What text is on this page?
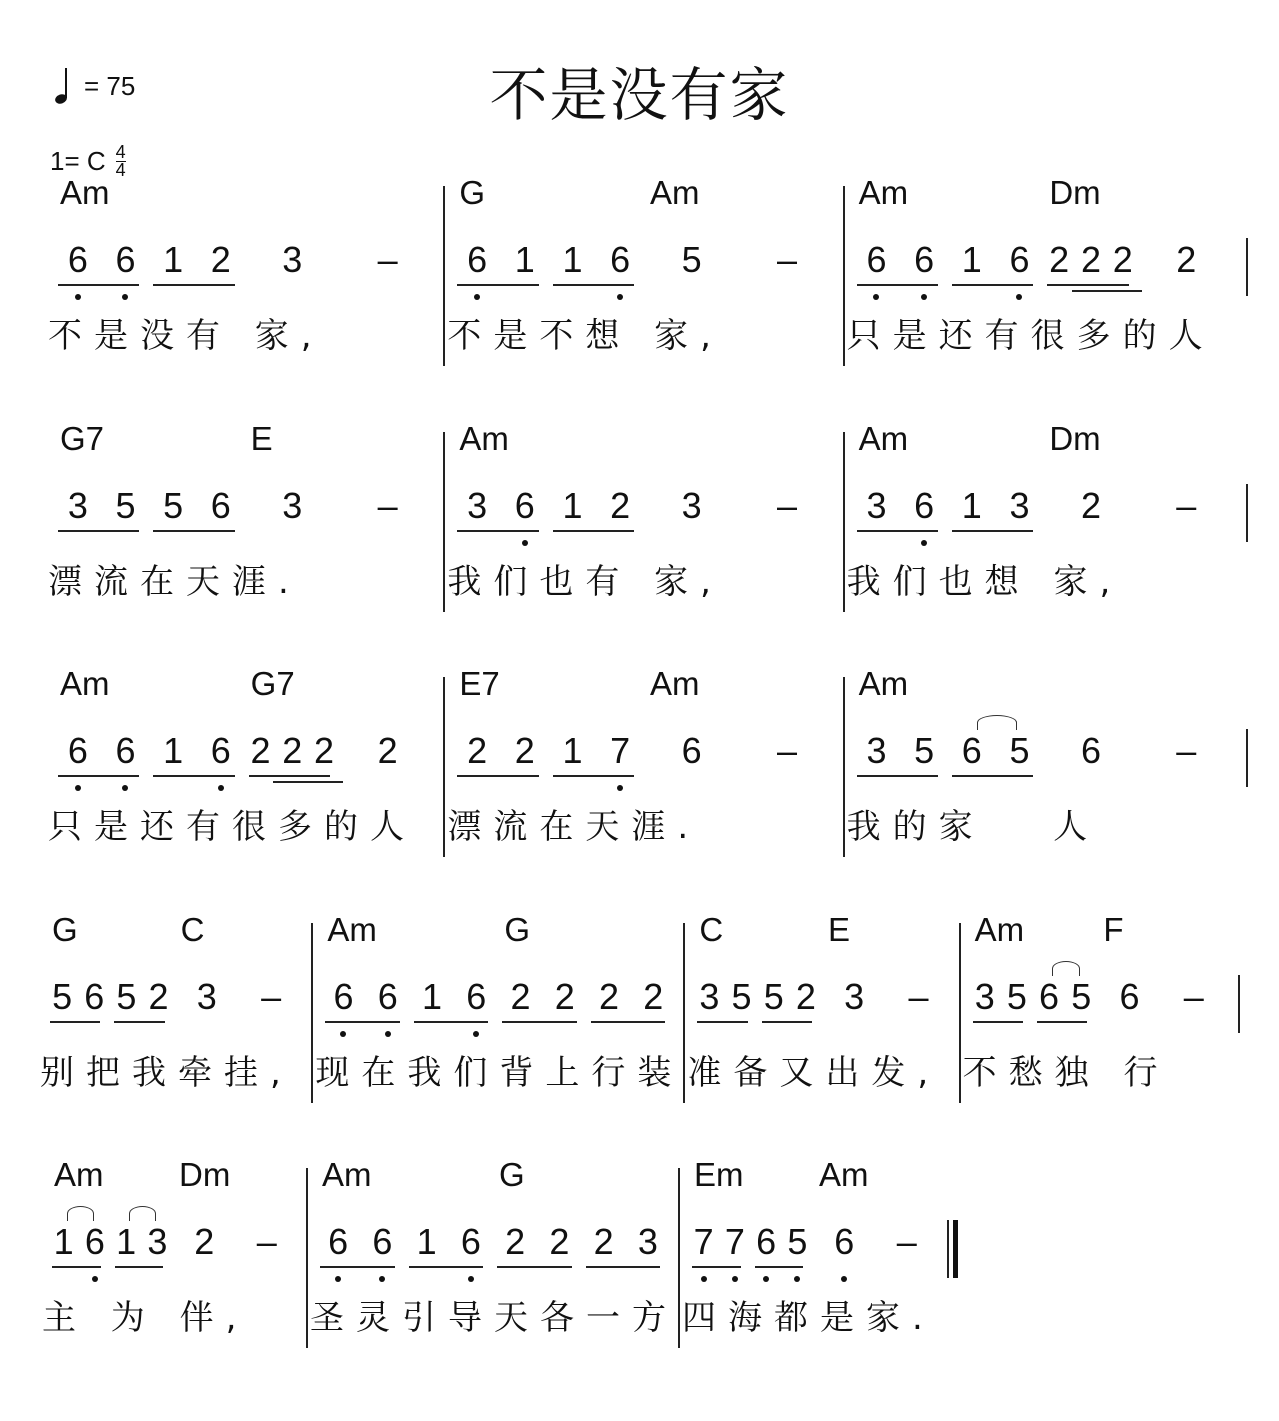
不是没有家
= 75
1= C 4
4
Am
6 6 1 2 3 –
不是没有 家,
G
6 1 1 6
Am
5 –
不是不想 家,
Am
6 6 1 6
Dm
2 2 2 2
只是还有很多的人
G7
3 5 5 6
E
3 –
漂流在天涯.
Am
3 6 1 2 3 –
我们也有 家,
Am
3 6 1 3
Dm
2 –
我们也想 家,
Am
6 6 1 6
G7
2 2 2 2
只是还有很多的人
E7
2 2 1 7
Am
6 –
漂流在天涯.
Am
3 5 6 5 6 –
我的家   人
G
5 6 5 2
C
3 –
别把我牵挂,
Am
6 6 1 6
G
2 2 2 2
现在我们背上行装
C
3 5 5 2
E
3 –
准备又出发,
Am
3 5 6 5
F
6 –
不愁独 行
Am
1 6 1 3
Dm
2 –
主 为 伴,
Am
6 6 1 6
G
2 2 2 3
圣灵引导天各一方
Em
7 7 6 5
Am
6 –
四海都是家.
